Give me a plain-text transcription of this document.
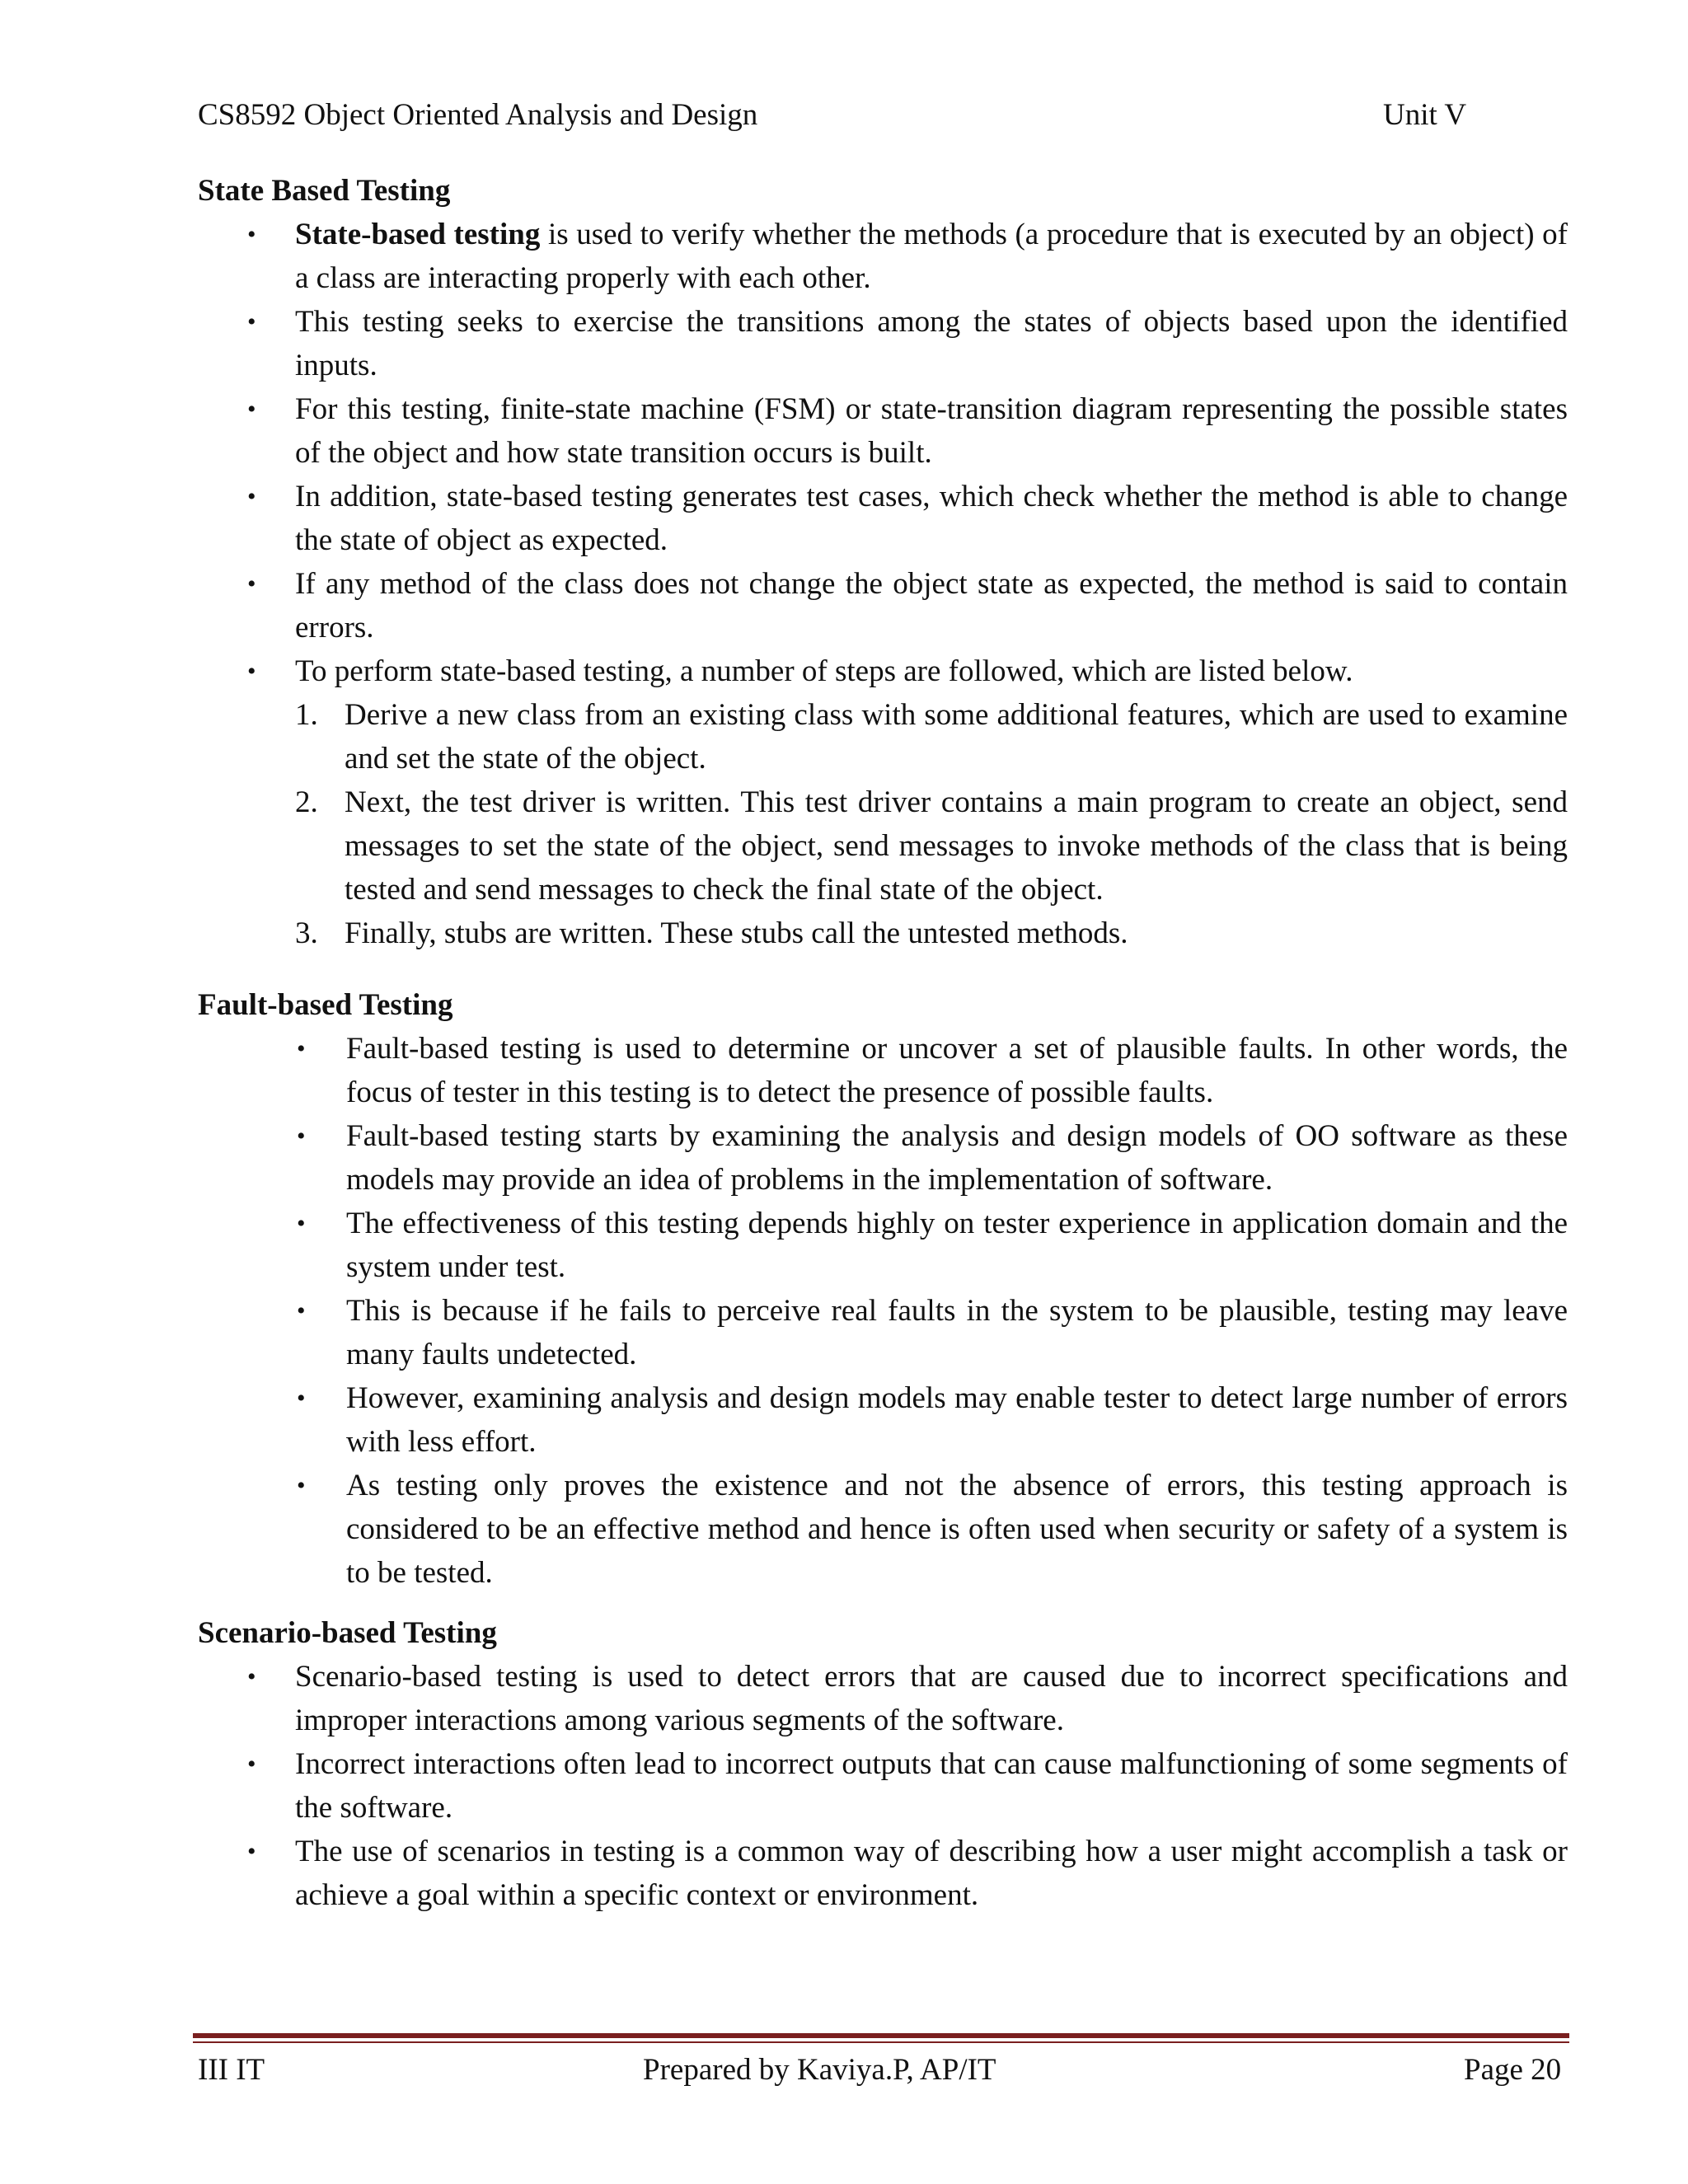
CS8592 Object Oriented Analysis and Design	Unit V

State Based Testing

• State-based testing is used to verify whether the methods (a procedure that is executed by an object) of a class are interacting properly with each other.

• This testing seeks to exercise the transitions among the states of objects based upon the identified inputs.

• For this testing, finite-state machine (FSM) or state-transition diagram representing the possible states of the object and how state transition occurs is built.

• In addition, state-based testing generates test cases, which check whether the method is able to change the state of object as expected.

• If any method of the class does not change the object state as expected, the method is said to contain errors.

• To perform state-based testing, a number of steps are followed, which are listed below.

1. Derive a new class from an existing class with some additional features, which are used to examine and set the state of the object.

2. Next, the test driver is written. This test driver contains a main program to create an object, send messages to set the state of the object, send messages to invoke methods of the class that is being tested and send messages to check the final state of the object.

3. Finally, stubs are written. These stubs call the untested methods.

Fault-based Testing

• Fault-based testing is used to determine or uncover a set of plausible faults. In other words, the focus of tester in this testing is to detect the presence of possible faults.

• Fault-based testing starts by examining the analysis and design models of OO software as these models may provide an idea of problems in the implementation of software.

• The effectiveness of this testing depends highly on tester experience in application domain and the system under test.

• This is because if he fails to perceive real faults in the system to be plausible, testing may leave many faults undetected.

• However, examining analysis and design models may enable tester to detect large number of errors with less effort.

• As testing only proves the existence and not the absence of errors, this testing approach is considered to be an effective method and hence is often used when security or safety of a system is to be tested.

Scenario-based Testing

• Scenario-based testing is used to detect errors that are caused due to incorrect specifications and improper interactions among various segments of the software.

• Incorrect interactions often lead to incorrect outputs that can cause malfunctioning of some segments of the software.

• The use of scenarios in testing is a common way of describing how a user might accomplish a task or achieve a goal within a specific context or environment.

III IT	Prepared by Kaviya.P, AP/IT	Page 20
